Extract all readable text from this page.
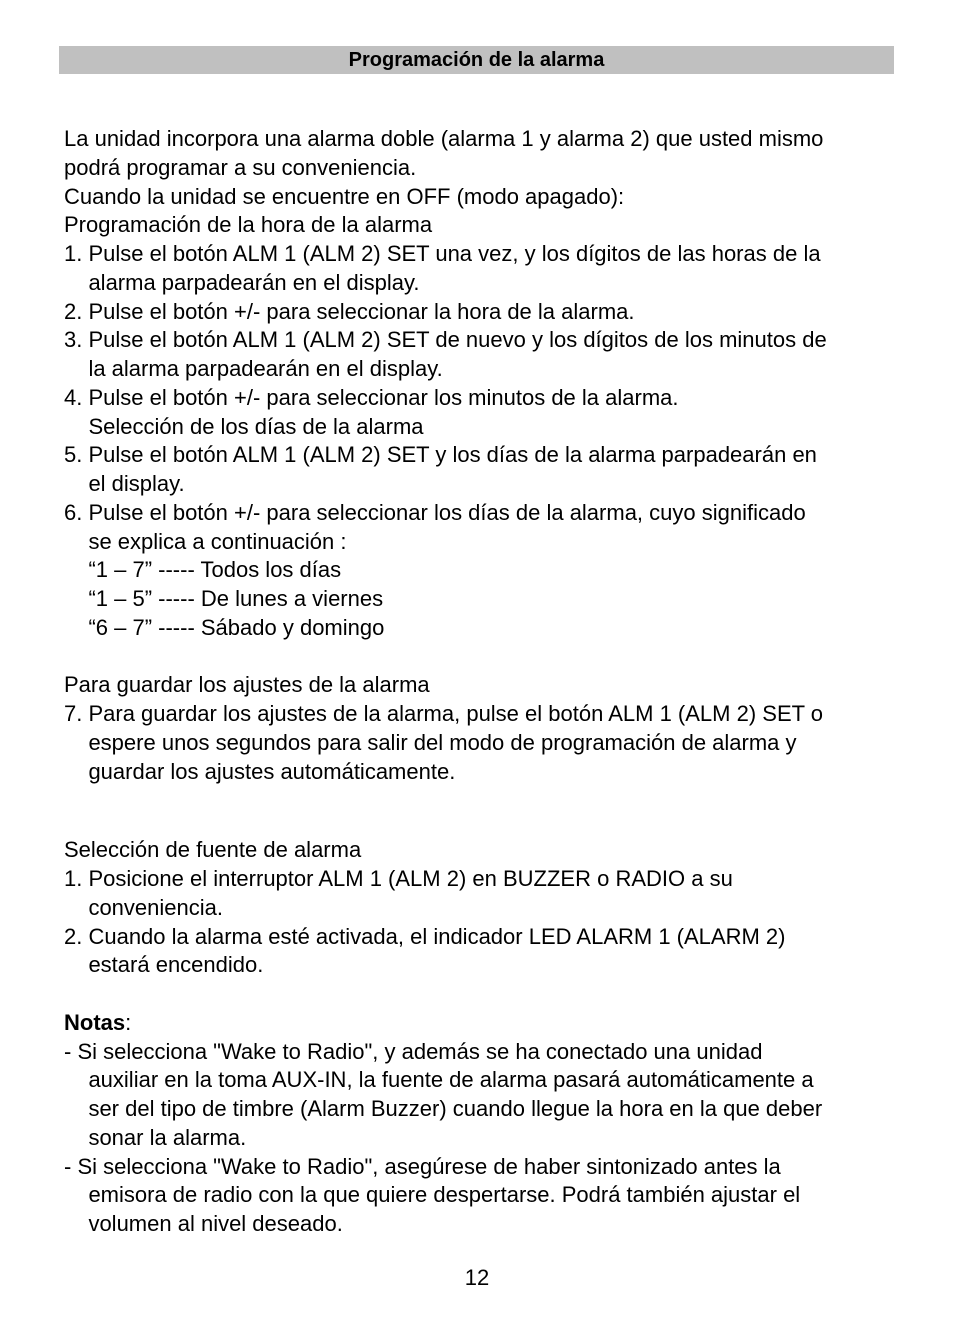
Programación de la alarma
La unidad incorpora una alarma doble (alarma 1 y alarma 2) que usted mismo
podrá programar a su conveniencia.
Cuando la unidad se encuentre en OFF (modo apagado):
Programación de la hora de la alarma
1. Pulse el botón ALM 1 (ALM 2) SET una vez, y los dígitos de las horas de la
alarma parpadearán en el display.
2. Pulse el botón +/- para seleccionar la hora de la alarma.
3. Pulse el botón ALM 1 (ALM 2) SET de nuevo y los dígitos de los minutos de
la alarma parpadearán en el display.
4. Pulse el botón +/- para seleccionar los minutos de la alarma.
Selección de los días de la alarma
5. Pulse el botón ALM 1 (ALM 2) SET y los días de la alarma parpadearán en
el display.
6. Pulse el botón +/- para seleccionar los días de la alarma, cuyo significado
se explica a continuación :
“1 – 7” ----- Todos los días
“1 – 5” ----- De lunes a viernes
“6 – 7” ----- Sábado y domingo
Para guardar los ajustes de la alarma
7. Para guardar los ajustes de la alarma, pulse el botón ALM 1 (ALM 2) SET o
espere unos segundos para salir del modo de programación de alarma y
guardar los ajustes automáticamente.
Selección de fuente de alarma
1. Posicione el interruptor ALM 1 (ALM 2) en BUZZER o RADIO a su
conveniencia.
2. Cuando la alarma esté activada, el indicador LED ALARM 1 (ALARM 2)
estará encendido.
Notas:
- Si selecciona "Wake to Radio", y además se ha conectado una unidad
auxiliar en la toma AUX-IN, la fuente de alarma pasará automáticamente a
ser del tipo de timbre (Alarm Buzzer) cuando llegue la hora en la que deber
sonar la alarma.
- Si selecciona "Wake to Radio", asegúrese de haber sintonizado antes la
emisora de radio con la que quiere despertarse. Podrá también ajustar el
volumen al nivel deseado.
12
